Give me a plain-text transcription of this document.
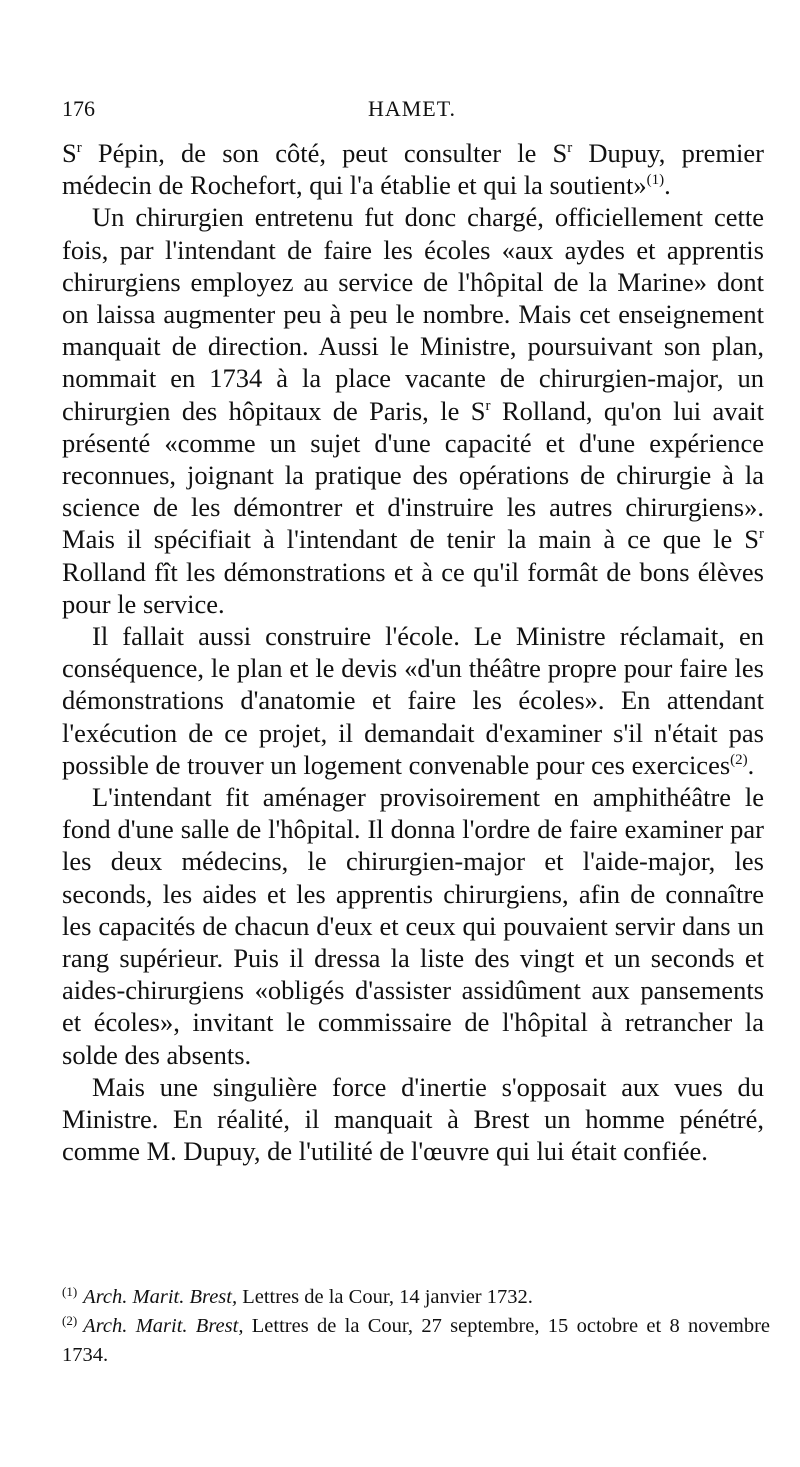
176	HAMET.

$S^r$ Pépin, de son côté, peut consulter le $S^r$ Dupuy, premier médecin de Rochefort, qui l'a établie et qui la soutient»$^{(1)}$.

Un chirurgien entretenu fut donc chargé, officiellement cette fois, par l'intendant de faire les écoles «aux aydes et apprentis chirurgiens employez au service de l'hôpital de la Marine» dont on laissa augmenter peu à peu le nombre. Mais cet enseignement manquait de direction. Aussi le Ministre, poursuivant son plan, nommait en 1734 à la place vacante de chirurgien-major, un chirurgien des hôpitaux de Paris, le $S^r$ Rolland, qu'on lui avait présenté «comme un sujet d'une capacité et d'une expérience reconnues, joignant la pratique des opérations de chirurgie à la science de les démontrer et d'instruire les autres chirurgiens». Mais il spécifiait à l'intendant de tenir la main à ce que le $S^r$ Rolland fît les démonstrations et à ce qu'il formât de bons élèves pour le service.

Il fallait aussi construire l'école. Le Ministre réclamait, en conséquence, le plan et le devis «d'un théâtre propre pour faire les démonstrations d'anatomie et faire les écoles». En attendant l'exécution de ce projet, il demandait d'examiner s'il n'était pas possible de trouver un logement convenable pour ces exercices$^{(2)}$.

L'intendant fit aménager provisoirement en amphithéâtre le fond d'une salle de l'hôpital. Il donna l'ordre de faire examiner par les deux médecins, le chirurgien-major et l'aide-major, les seconds, les aides et les apprentis chirurgiens, afin de connaître les capacités de chacun d'eux et ceux qui pouvaient servir dans un rang supérieur. Puis il dressa la liste des vingt et un seconds et aides-chirurgiens «obligés d'assister assidûment aux pansements et écoles», invitant le commissaire de l'hôpital à retrancher la solde des absents.

Mais une singulière force d'inertie s'opposait aux vues du Ministre. En réalité, il manquait à Brest un homme pénétré, comme M. Dupuy, de l'utilité de l'œuvre qui lui était confiée.

$^{(1)}$ Arch. Marit. Brest, Lettres de la Cour, 14 janvier 1732.

$^{(2)}$ Arch. Marit. Brest, Lettres de la Cour, 27 septembre, 15 octobre et 8 novembre 1734.
